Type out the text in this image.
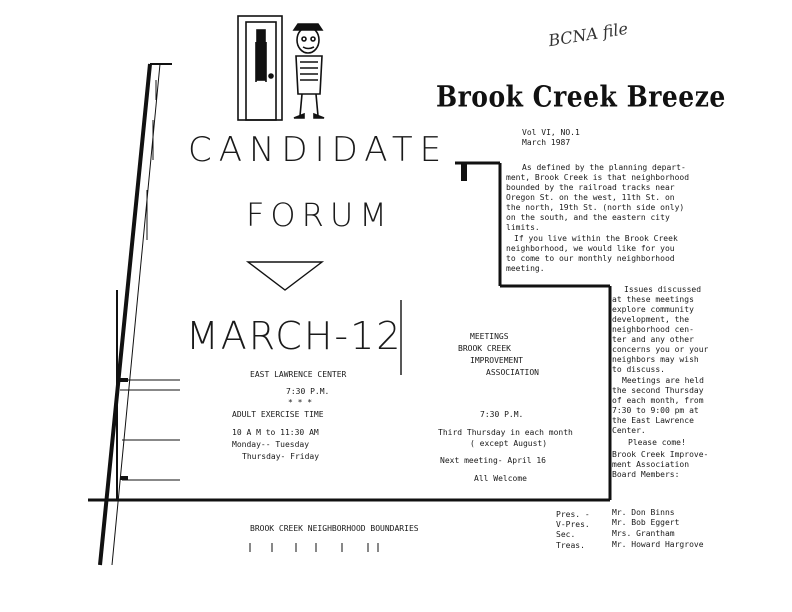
BCNA file
Brook Creek Breeze
Vol VI, NO.1
March 1987
CANDIDATE
FORUM
MARCH-12
EAST LAWRENCE CENTER
7:30 P.M.
* * *
ADULT EXERCISE TIME
10 A M to 11:30 AM
Monday-- Tuesday
Thursday- Friday
MEETINGS
BROOK CREEK
IMPROVEMENT
ASSOCIATION
7:30 P.M.
Third Thursday in each month
( except August)
Next meeting- April 16
All Welcome
As defined by the planning depart-
ment, Brook Creek is that neighborhood
bounded by the railroad tracks near
Oregon St. on the west, 11th St. on
the north, 19th St. (north side only)
on the south, and the eastern city
limits.
If you live within the Brook Creek
neighborhood, we would like for you
to come to our monthly neighborhood
meeting.
Issues discussed
at these meetings
explore community
development, the
neighborhood cen-
ter and any other
concerns you or your
neighbors may wish
to discuss.
Meetings are held
the second Thursday
of each month, from
7:30 to 9:00 pm at
the East Lawrence
Center.
Please come!
Brook Creek Improve-
ment Association
Board Members:
Pres. -	Mr. Don Binns
V-Pres.	Mr. Bob Eggert
Sec.	Mrs. Grantham
Treas.	Mr. Howard Hargrove
BROOK CREEK NEIGHBORHOOD BOUNDARIES
